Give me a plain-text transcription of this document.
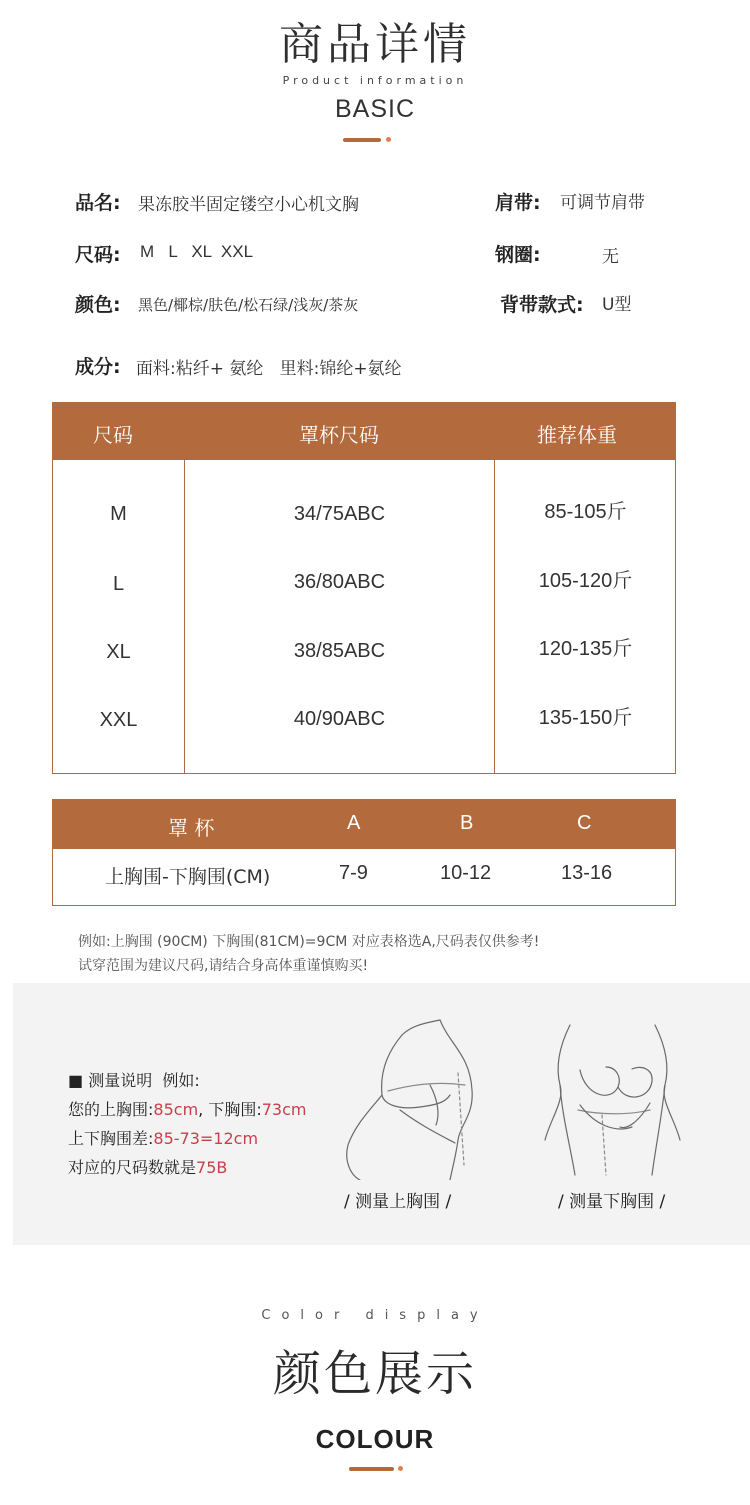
商品详情
Product information
BASIC
品名: 果冻胶半固定镂空小心机文胸	肩带: 可调节肩带
尺码: M   L   XL  XXL	钢圈:	无
颜色: 黑色/椰棕/肤色/松石绿/浅灰/茶灰	背带款式: U型
成分: 面料:粘纤+ 氨纶   里料:锦纶+氨纶
尺码	罩杯尺码	推荐体重
M	34/75ABC	85-105斤
L	36/80ABC	105-120斤
XL	38/85ABC	120-135斤
XXL	40/90ABC	135-150斤
罩 杯	A	B	C
上胸围-下胸围(CM)	7-9	10-12	13-16
例如:上胸围 (90CM) 下胸围(81CM)=9CM 对应表格选A,尺码表仅供参考!
试穿范围为建议尺码,请结合身高体重谨慎购买!
■ 测量说明  例如:
您的上胸围:85cm, 下胸围:73cm
上下胸围差:85-73=12cm
对应的尺码数就是75B
/ 测量上胸围 /	/ 测量下胸围 /
Color display
颜色展示
COLOUR
